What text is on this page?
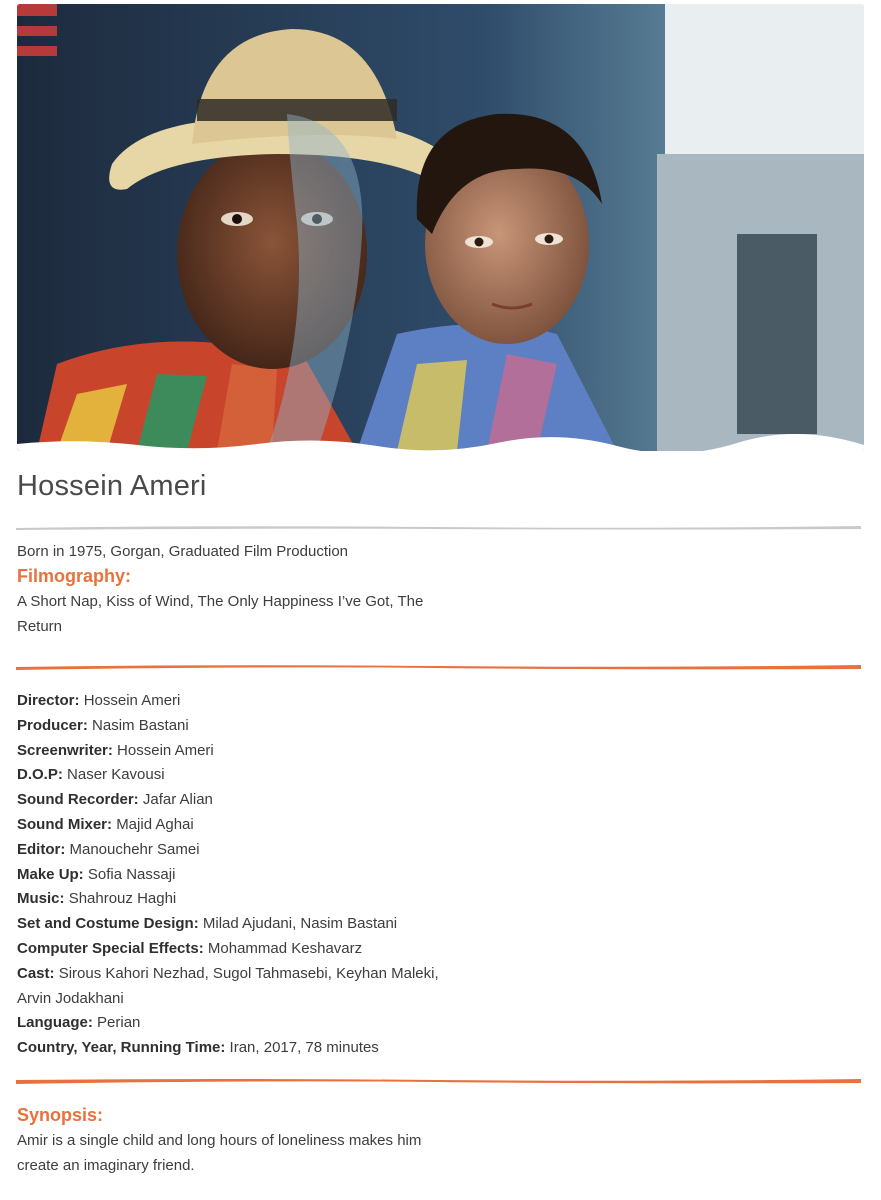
Hossein Ameri
Born in 1975, Gorgan, Graduated Film Production
Filmography:
A Short Nap, Kiss of Wind, The Only Happiness I’ve Got, The Return
Director: Hossein Ameri
Producer: Nasim Bastani
Screenwriter: Hossein Ameri
D.O.P: Naser Kavousi
Sound Recorder: Jafar Alian
Sound Mixer: Majid Aghai
Editor: Manouchehr Samei
Make Up: Sofia Nassaji
Music: Shahrouz Haghi
Set and Costume Design: Milad Ajudani, Nasim Bastani
Computer Special Effects: Mohammad Keshavarz
Cast: Sirous Kahori Nezhad, Sugol Tahmasebi, Keyhan Maleki, Arvin Jodakhani
Language: Perian
Country, Year, Running Time: Iran, 2017, 78 minutes
Synopsis:
Amir is a single child and long hours of loneliness makes him create an imaginary friend.
